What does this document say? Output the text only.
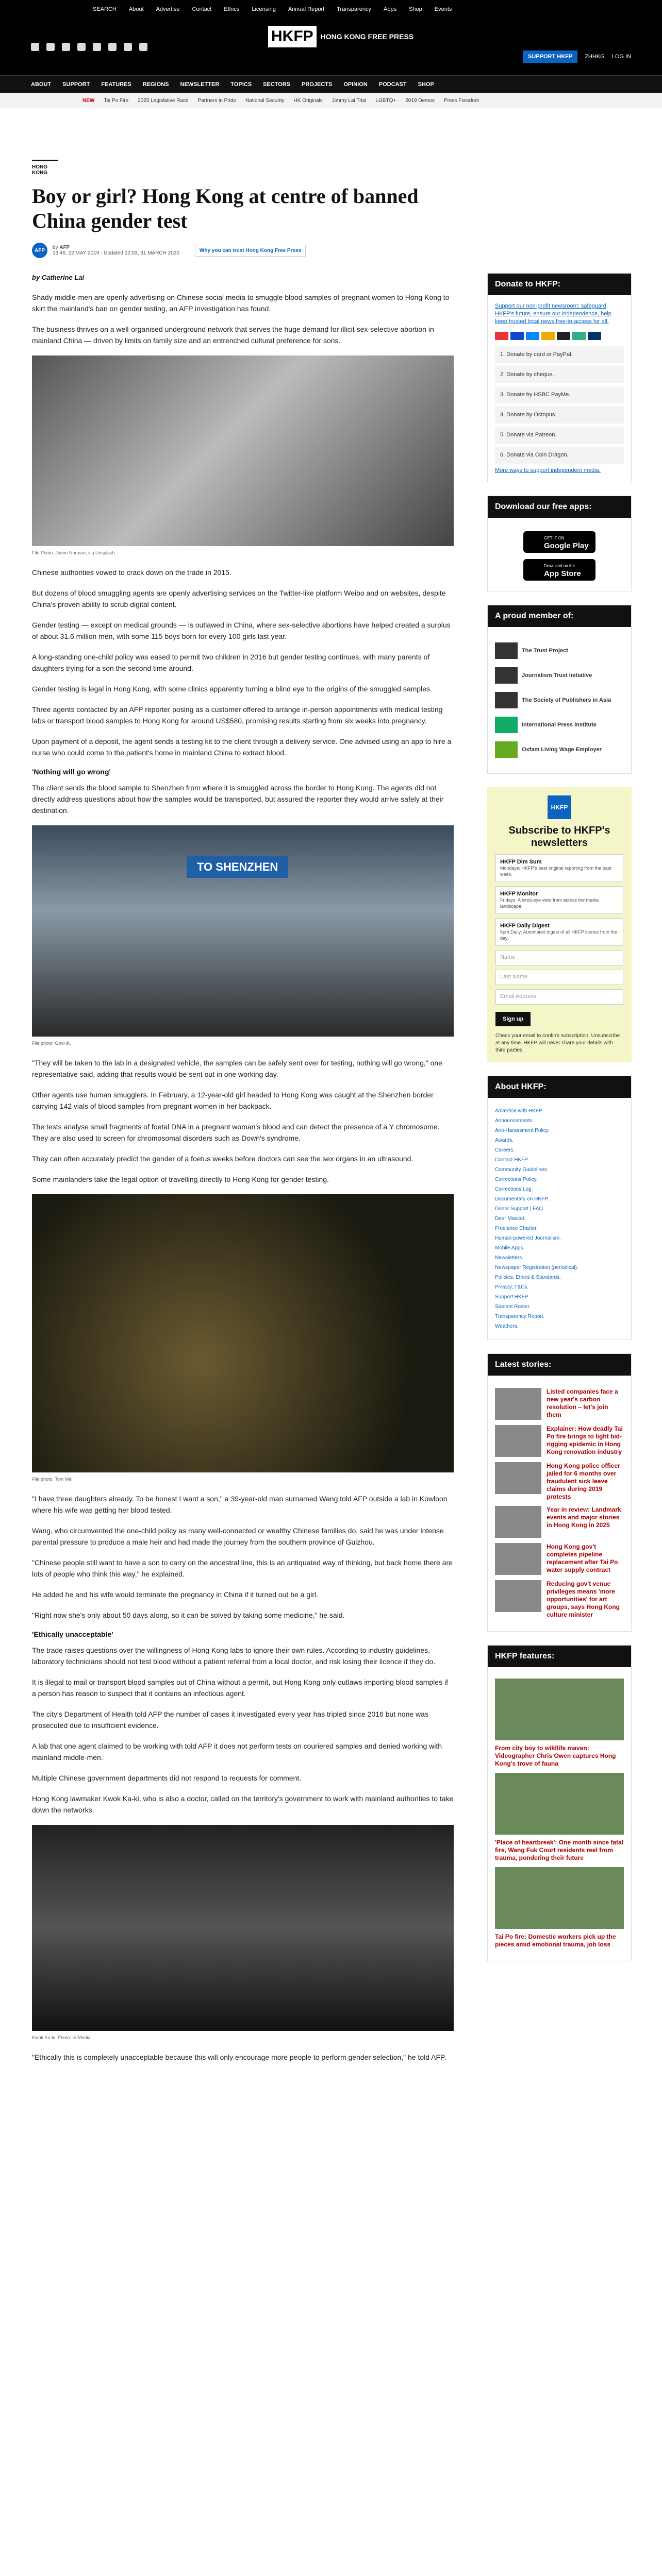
SEARCH About Advertise Contact Ethics Licensing Annual Report Transparency Apps Shop Events
HKFP	HONG KONG FREE PRESS
SUPPORT HKFP	ZHHKG LOG IN
ABOUT SUPPORT FEATURES REGIONS NEWSLETTER TOPICS SECTORS PROJECTS OPINION PODCAST SHOP
NEW Tai Po Fire 2025 Legislative Race Partners in Pride National Security HK Originals Jimmy Lai Trial LGBTQ+ 2019 Demos Press Freedom
HONG KONG
Boy or girl? Hong Kong at centre of banned China gender test
AFP	by AFP
13:46, 22 MAY 2019 · Updated 22:03, 31 MARCH 2020	Why you can trust Hong Kong Free Press
by Catherine Lai

Shady middle-men are openly advertising on Chinese social media to smuggle blood samples of pregnant women to Hong Kong to skirt the mainland's ban on gender testing, an AFP investigation has found.

The business thrives on a well-organised underground network that serves the huge demand for illicit sex-selective abortion in mainland China — driven by limits on family size and an entrenched cultural preference for sons.

File Photo: Jaime Norman, via Unsplash.

Chinese authorities vowed to crack down on the trade in 2015.

But dozens of blood smuggling agents are openly advertising services on the Twitter-like platform Weibo and on websites, despite China's proven ability to scrub digital content.

Gender testing — except on medical grounds — is outlawed in China, where sex-selective abortions have helped created a surplus of about 31.6 million men, with some 115 boys born for every 100 girls last year.

A long-standing one-child policy was eased to permit two children in 2016 but gender testing continues, with many parents of daughters trying for a son the second time around.

Gender testing is legal in Hong Kong, with some clinics apparently turning a blind eye to the origins of the smuggled samples.

Three agents contacted by an AFP reporter posing as a customer offered to arrange in-person appointments with medical testing labs or transport blood samples to Hong Kong for around US$580, promising results starting from six weeks into pregnancy.

Upon payment of a deposit, the agent sends a testing kit to the client through a delivery service. One advised using an app to hire a nurse who could come to the patient's home in mainland China to extract blood.

'Nothing will go wrong'

The client sends the blood sample to Shenzhen from where it is smuggled across the border to Hong Kong. The agents did not directly address questions about how the samples would be transported, but assured the reporter they would arrive safely at their destination.

TO SHENZHEN
File photo: GovHK.

"They will be taken to the lab in a designated vehicle, the samples can be safely sent over for testing, nothing will go wrong," one representative said, adding that results would be sent out in one working day.

Other agents use human smugglers. In February, a 12-year-old girl headed to Hong Kong was caught at the Shenzhen border carrying 142 vials of blood samples from pregnant women in her backpack.

The tests analyse small fragments of foetal DNA in a pregnant woman's blood and can detect the presence of a Y chromosome. They are also used to screen for chromosomal disorders such as Down's syndrome.

They can often accurately predict the gender of a foetus weeks before doctors can see the sex organs in an ultrasound.

Some mainlanders take the legal option of travelling directly to Hong Kong for gender testing.

File photo: Tom Mei.

"I have three daughters already. To be honest I want a son," a 39-year-old man surnamed Wang told AFP outside a lab in Kowloon where his wife was getting her blood tested.

Wang, who circumvented the one-child policy as many well-connected or wealthy Chinese families do, said he was under intense parental pressure to produce a male heir and had made the journey from the southern province of Guizhou.

"Chinese people still want to have a son to carry on the ancestral line, this is an antiquated way of thinking, but back home there are lots of people who think this way," he explained.

He added he and his wife would terminate the pregnancy in China if it turned out be a girl.

"Right now she's only about 50 days along, so it can be solved by taking some medicine," he said.

'Ethically unacceptable'

The trade raises questions over the willingness of Hong Kong labs to ignore their own rules. According to industry guidelines, laboratory technicians should not test blood without a patient referral from a local doctor, and risk losing their licence if they do.

It is illegal to mail or transport blood samples out of China without a permit, but Hong Kong only outlaws importing blood samples if a person has reason to suspect that it contains an infectious agent.

The city's Department of Health told AFP the number of cases it investigated every year has tripled since 2016 but none was prosecuted due to insufficient evidence.

A lab that one agent claimed to be working with told AFP it does not perform tests on couriered samples and denied working with mainland middle-men.

Multiple Chinese government departments did not respond to requests for comment.

Hong Kong lawmaker Kwok Ka-ki, who is also a doctor, called on the territory's government to work with mainland authorities to take down the networks.

Kwok Ka-ki. Photo: In-Media.

"Ethically this is completely unacceptable because this will only encourage more people to perform gender selection," he told AFP.

Donate to HKFP:
Support our non-profit newsroom: safeguard HKFP's future, ensure our independence, help keep trusted local news free-to-access for all.
1. Donate by card or PayPal.
2. Donate by cheque.
3. Donate by HSBC PayMe.
4. Donate by Octopus.
5. Donate via Patreon.
6. Donate via Coin Dragon.
More ways to support independent media.
Download our free apps:
GET IT ON
Google Play
Download on the
App Store
A proud member of:
The Trust Project
Journalism Trust Initiative
The Society of Publishers in Asia
International Press Institute
Oxfam Living Wage Employer
HKFP
Subscribe to HKFP's newsletters
HKFP Dim Sum
Mondays: HKFP's best original reporting from the past week.
HKFP Monitor
Fridays: A birds-eye view from across the media landscape.
HKFP Daily Digest
6pm Daily: Automated digest of all HKFP stories from the day.
Name
Last Name
Email Address
Sign up
Check your email to confirm subscription. Unsubscribe at any time. HKFP will never share your details with third parties.
About HKFP:
Advertise with HKFP.
Announcements.
Anti-Harassment Policy.
Awards.
Careers.
Contact HKFP.
Community Guidelines.
Corrections Policy.
Corrections Log.
Documentary on HKFP.
Donor Support | FAQ.
Deer Mascot.
Freelance Charter.
Human-powered Journalism.
Mobile Apps.
Newsletters.
Newspaper Registration (periodical).
Policies, Ethics & Standards.
Privacy, T&Cs.
Support HKFP.
Student Roster.
Transparency Report.
Weathers.
Latest stories:
Listed companies face a new year's carbon resolution – let's join them
Explainer: How deadly Tai Po fire brings to light bid-rigging epidemic in Hong Kong renovation industry
Hong Kong police officer jailed for 6 months over fraudulent sick leave claims during 2019 protests
Year in review: Landmark events and major stories in Hong Kong in 2025
Hong Kong gov't completes pipeline replacement after Tai Po water supply contract
Reducing gov't venue privileges means 'more opportunities' for art groups, says Hong Kong culture minister
HKFP features:
From city boy to wildlife maven: Videographer Chris Owen captures Hong Kong's trove of fauna
'Place of heartbreak': One month since fatal fire, Wang Fuk Court residents reel from trauma, pondering their future
Tai Po fire: Domestic workers pick up the pieces amid emotional trauma, job loss
